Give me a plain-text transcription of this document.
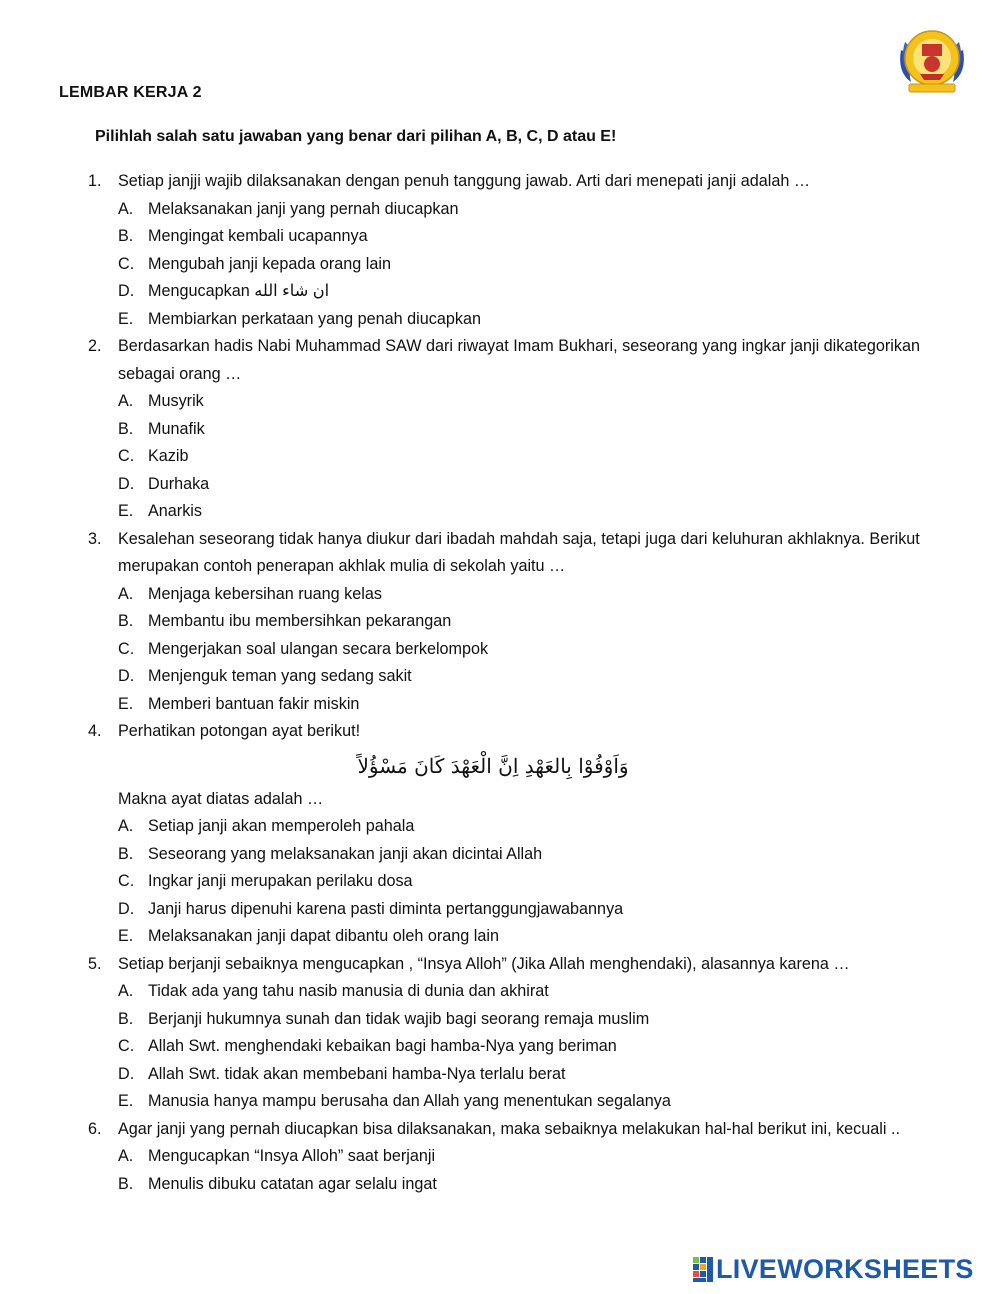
LEMBAR KERJA 2
Pilihlah salah satu jawaban yang benar dari pilihan A, B, C, D atau E!
1.	Setiap janjji wajib dilaksanakan dengan penuh tanggung jawab. Arti dari menepati janji adalah …
A. Melaksanakan janji yang pernah diucapkan
B. Mengingat kembali ucapannya
C. Mengubah janji kepada orang lain
D. Mengucapkan ان شاء الله
E. Membiarkan perkataan yang penah diucapkan
2.	Berdasarkan hadis Nabi Muhammad SAW dari riwayat Imam Bukhari, seseorang yang ingkar janji dikategorikan sebagai orang …
A. Musyrik
B. Munafik
C. Kazib
D. Durhaka
E. Anarkis
3.	Kesalehan seseorang tidak hanya diukur dari ibadah mahdah saja, tetapi juga dari keluhuran akhlaknya. Berikut merupakan contoh penerapan akhlak mulia di sekolah yaitu …
A. Menjaga kebersihan ruang kelas
B. Membantu ibu membersihkan pekarangan
C. Mengerjakan soal ulangan secara berkelompok
D. Menjenguk teman yang sedang sakit
E. Memberi bantuan fakir miskin
4.	Perhatikan potongan ayat berikut!
وَاَوْفُوْا بِالعَهْدِ اِنَّ الْعَهْدَ كَانَ مَسْؤُلاً
Makna ayat diatas adalah …
A. Setiap janji akan memperoleh pahala
B. Seseorang yang melaksanakan janji akan dicintai Allah
C. Ingkar janji merupakan perilaku dosa
D. Janji harus dipenuhi karena pasti diminta pertanggungjawabannya
E. Melaksanakan janji dapat dibantu oleh orang lain
5.	Setiap berjanji sebaiknya mengucapkan , “Insya Alloh” (Jika Allah menghendaki), alasannya karena …
A. Tidak ada yang tahu nasib manusia di dunia dan akhirat
B. Berjanji hukumnya sunah dan tidak wajib bagi seorang remaja muslim
C. Allah Swt. menghendaki kebaikan bagi hamba-Nya yang beriman
D. Allah Swt. tidak akan membebani hamba-Nya terlalu berat
E. Manusia hanya mampu berusaha dan Allah yang menentukan segalanya
6.	Agar janji yang pernah diucapkan bisa dilaksanakan, maka sebaiknya melakukan hal-hal berikut ini, kecuali ..
A. Mengucapkan “Insya Alloh” saat berjanji
B. Menulis dibuku catatan agar selalu ingat
LIVEWORKSHEETS
